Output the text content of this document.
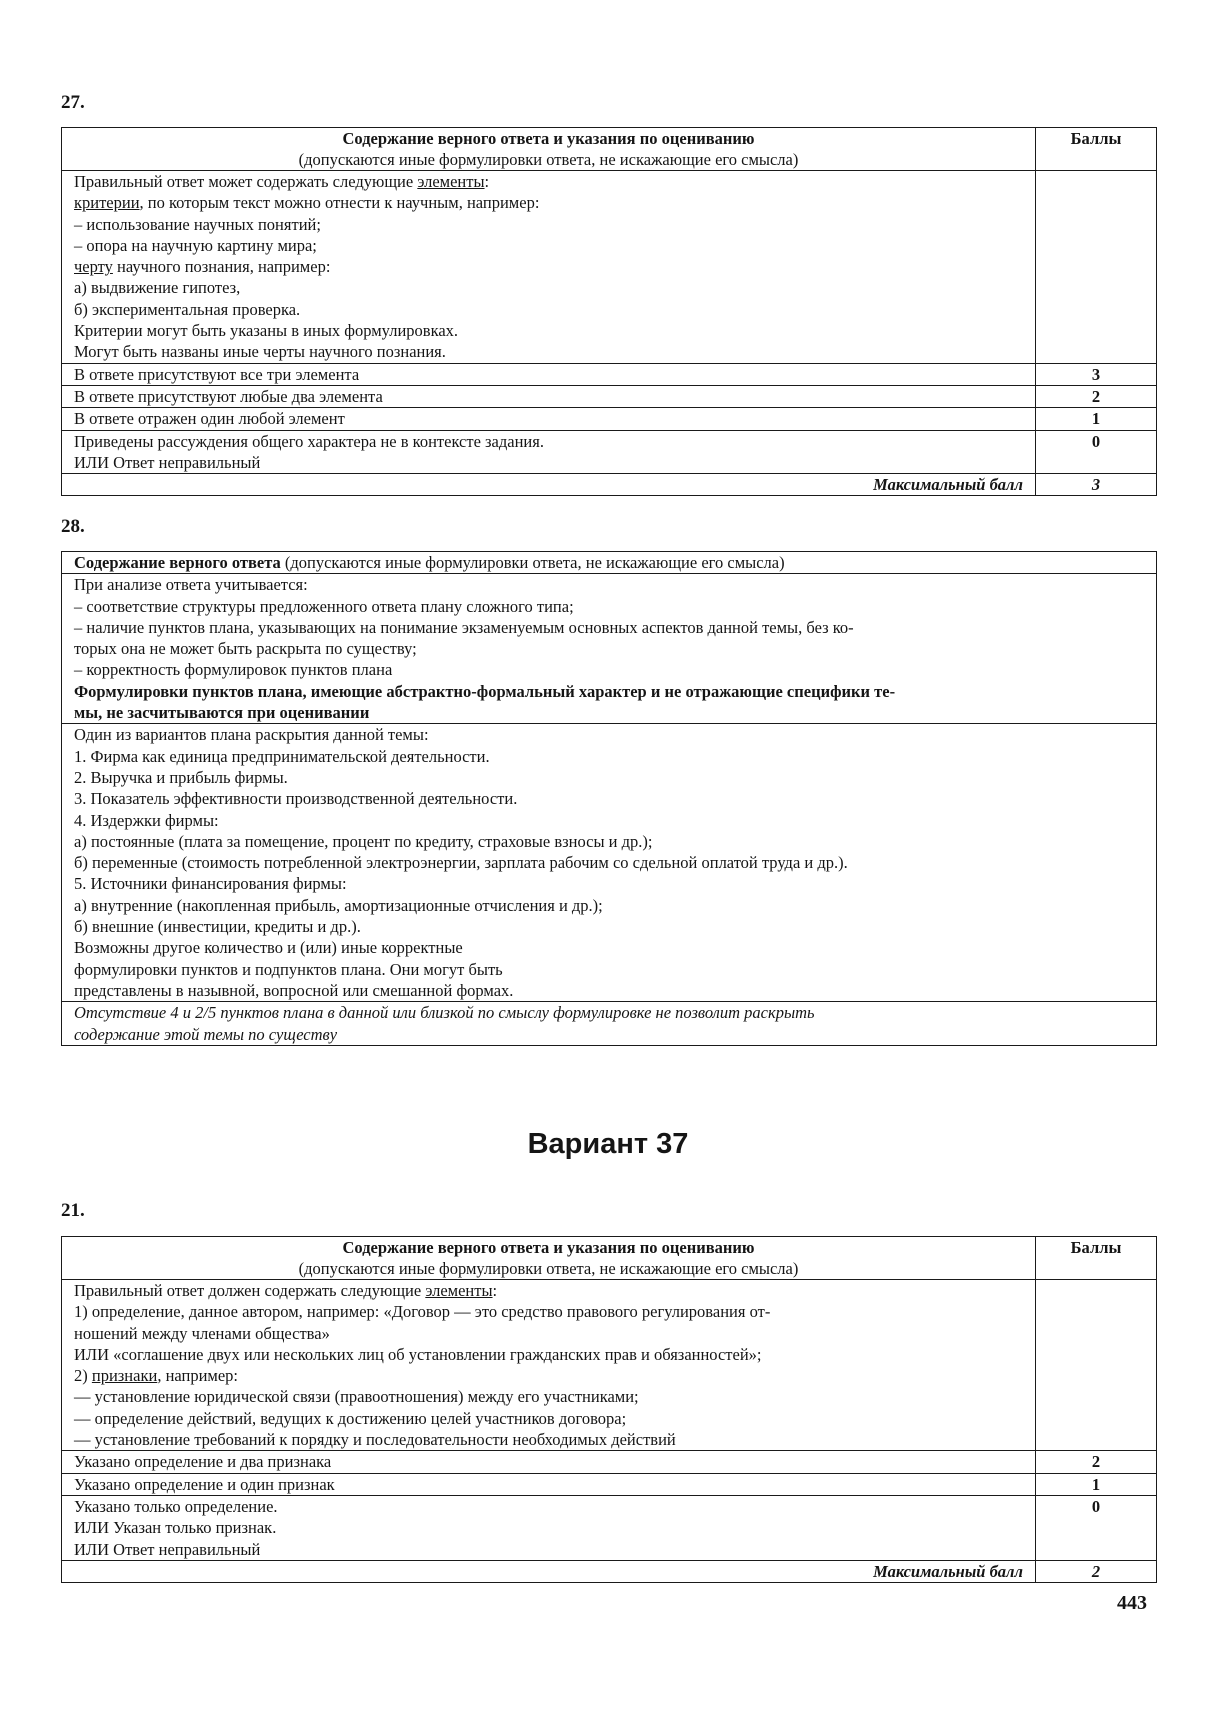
27.
Содержание верного ответа и указания по оцениванию
(допускаются иные формулировки ответа, не искажающие его смысла)	Баллы

Правильный ответ может содержать следующие элементы:
критерии, по которым текст можно отнести к научным, например:
– использование научных понятий;
– опора на научную картину мира;
черту научного познания, например:
а) выдвижение гипотез,
б) экспериментальная проверка.
Критерии могут быть указаны в иных формулировках.
Могут быть названы иные черты научного познания.

В ответе присутствуют все три элемента	3
В ответе присутствуют любые два элемента	2
В ответе отражен один любой элемент	1

Приведены рассуждения общего характера не в контексте задания.
ИЛИ Ответ неправильный	0
Максимальный балл	3
28.
Содержание верного ответа (допускаются иные формулировки ответа, не искажающие его смысла)

При анализе ответа учитывается:
– соответствие структуры предложенного ответа плану сложного типа;
– наличие пунктов плана, указывающих на понимание экзаменуемым основных аспектов данной темы, без ко-
торых она не может быть раскрыта по существу;
– корректность формулировок пунктов плана
Формулировки пунктов плана, имеющие абстрактно-формальный характер и не отражающие специфики те-
мы, не засчитываются при оценивании

Один из вариантов плана раскрытия данной темы:
1. Фирма как единица предпринимательской деятельности.
2. Выручка и прибыль фирмы.
3. Показатель эффективности производственной деятельности.
4. Издержки фирмы:
а) постоянные (плата за помещение, процент по кредиту, страховые взносы и др.);
б) переменные (стоимость потребленной электроэнергии, зарплата рабочим со сдельной оплатой труда и др.).
5. Источники финансирования фирмы:
а) внутренние (накопленная прибыль, амортизационные отчисления и др.);
б) внешние (инвестиции, кредиты и др.).
Возможны другое количество и (или) иные корректные
формулировки пунктов и подпунктов плана. Они могут быть
представлены в назывной, вопросной или смешанной формах.

Отсутствие 4 и 2/5 пунктов плана в данной или близкой по смыслу формулировке не позволит раскрыть
содержание этой темы по существу
Вариант 37
21.
Содержание верного ответа и указания по оцениванию
(допускаются иные формулировки ответа, не искажающие его смысла)	Баллы

Правильный ответ должен содержать следующие элементы:
1) определение, данное автором, например: «Договор — это средство правового регулирования от-
ношений между членами общества»
ИЛИ «соглашение двух или нескольких лиц об установлении гражданских прав и обязанностей»;
2) признаки, например:
— установление юридической связи (правоотношения) между его участниками;
— определение действий, ведущих к достижению целей участников договора;
— установление требований к порядку и последовательности необходимых действий

Указано определение и два признака	2
Указано определение и один признак	1

Указано только определение.
ИЛИ Указан только признак.
ИЛИ Ответ неправильный	0
Максимальный балл	2
443
